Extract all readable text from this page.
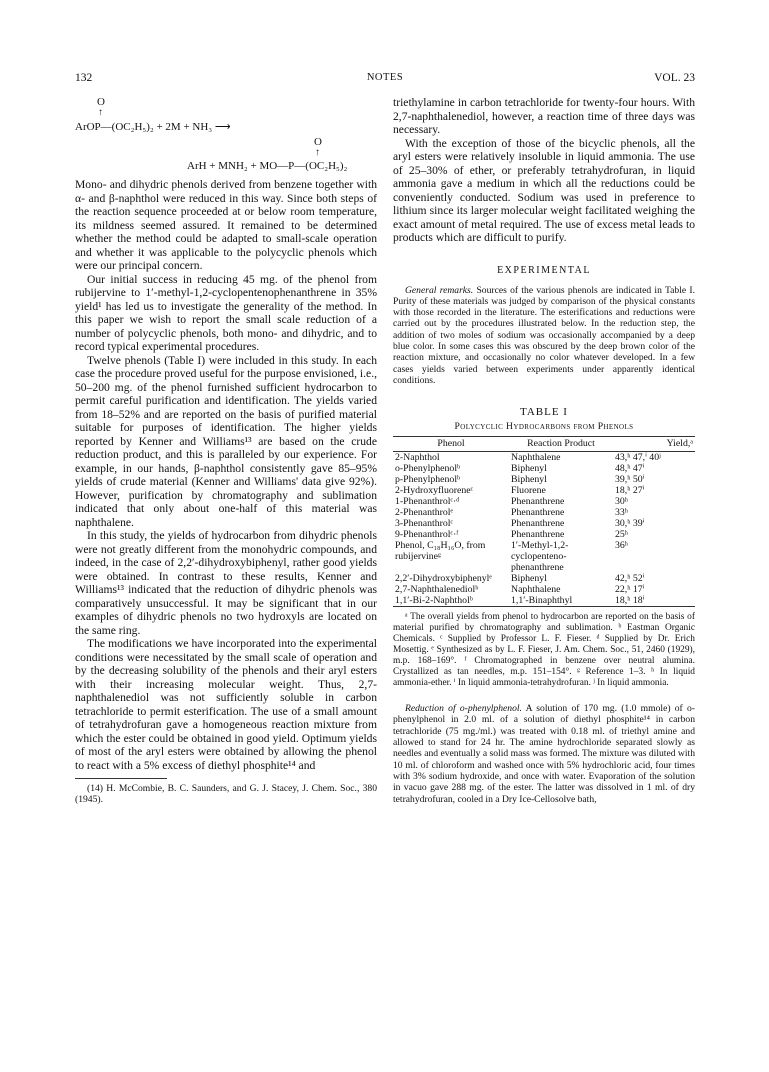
132	NOTES	VOL. 23
O
↑
ArOP—(OC₂H₅)₂ + 2M + NH₃ ⟶
O
↑
ArH + MNH₂ + MO—P—(OC₂H₅)₂

Mono- and dihydric phenols derived from benzene together with α- and β-naphthol were reduced in this way. Since both steps of the reaction sequence proceeded at or below room temperature, its mildness seemed assured. It remained to be determined whether the method could be adapted to small-scale operation and whether it was applicable to the polycyclic phenols which were our principal concern.

Our initial success in reducing 45 mg. of the phenol from rubijervine to 1′-methyl-1,2-cyclopentenophenanthrene in 35% yield¹ has led us to investigate the generality of the method. In this paper we wish to report the small scale reduction of a number of polycyclic phenols, both mono- and dihydric, and to record typical experimental procedures.

Twelve phenols (Table I) were included in this study. In each case the procedure proved useful for the purpose envisioned, i.e., 50–200 mg. of the phenol furnished sufficient hydrocarbon to permit careful purification and identification. The yields varied from 18–52% and are reported on the basis of purified material suitable for purposes of identification. The higher yields reported by Kenner and Williams¹³ are based on the crude reduction product, and this is paralleled by our experience. For example, in our hands, β-naphthol consistently gave 85–95% yields of crude material (Kenner and Williams' data give 92%). However, purification by chromatography and sublimation indicated that only about one-half of this material was naphthalene.

In this study, the yields of hydrocarbon from dihydric phenols were not greatly different from the monohydric compounds, and indeed, in the case of 2,2′-dihydroxybiphenyl, rather good yields were obtained. In contrast to these results, Kenner and Williams¹³ indicated that the reduction of dihydric phenols was comparatively unsuccessful. It may be significant that in our examples of dihydric phenols no two hydroxyls are located on the same ring.

The modifications we have incorporated into the experimental conditions were necessitated by the small scale of operation and by the decreasing solubility of the phenols and their aryl esters with their increasing molecular weight. Thus, 2,7-naphthalenediol was not sufficiently soluble in carbon tetrachloride to permit esterification. The use of a small amount of tetrahydrofuran gave a homogeneous reaction mixture from which the ester could be obtained in good yield. Optimum yields of most of the aryl esters were obtained by allowing the phenol to react with a 5% excess of diethyl phosphite¹⁴ and

(14) H. McCombie, B. C. Saunders, and G. J. Stacey, J. Chem. Soc., 380 (1945).

triethylamine in carbon tetrachloride for twenty-four hours. With 2,7-naphthalenediol, however, a reaction time of three days was necessary.

With the exception of those of the bicyclic phenols, all the aryl esters were relatively insoluble in liquid ammonia. The use of 25–30% of ether, or preferably tetrahydrofuran, in liquid ammonia gave a medium in which all the reductions could be conveniently conducted. Sodium was used in preference to lithium since its larger molecular weight facilitated weighing the exact amount of metal required. The use of excess metal leads to products which are difficult to purify.

EXPERIMENTAL

General remarks. Sources of the various phenols are indicated in Table I. Purity of these materials was judged by comparison of the physical constants with those recorded in the literature. The esterifications and reductions were carried out by the procedures illustrated below. In the reduction step, the addition of two moles of sodium was occasionally accompanied by a deep blue color. In some cases this was obscured by the deep brown color of the reaction mixture, and occasionally no color whatever developed. In a few cases yields varied between experiments under apparently identical conditions.

TABLE I
Polycyclic Hydrocarbons from Phenols
Phenol	Reaction Product	Yield,ᵃ
2-Naphthol	Naphthalene	43,ʰ 47,ⁱ 40ʲ
o-Phenylphenolᵇ	Biphenyl	48,ʰ 47ⁱ
p-Phenylphenolᵇ	Biphenyl	39,ʰ 50ⁱ
2-Hydroxyfluoreneᶜ	Fluorene	18,ʰ 27ⁱ
1-Phenanthrolᶜ·ᵈ	Phenanthrene	30ʰ
2-Phenanthrolᵉ	Phenanthrene	33ʰ
3-Phenanthrolᶜ	Phenanthrene	30,ʰ 39ⁱ
9-Phenanthrolᶜ·ᶠ	Phenanthrene	25ʰ
Phenol, C₁₈H₁₆O, from rubijervineᵍ	1′-Methyl-1,2-cyclopenteno-phenanthrene	36ʰ
2,2′-Dihydroxybiphenylᵉ	Biphenyl	42,ʰ 52ⁱ
2,7-Naphthalenediolᵇ	Naphthalene	22,ʰ 17ⁱ
1,1′-Bi-2-Naphtholᵇ	1,1′-Binaphthyl	18,ʰ 18ⁱ

ᵃ The overall yields from phenol to hydrocarbon are reported on the basis of material purified by chromatography and sublimation. ᵇ Eastman Organic Chemicals. ᶜ Supplied by Professor L. F. Fieser. ᵈ Supplied by Dr. Erich Mosettig. ᵉ Synthesized as by L. F. Fieser, J. Am. Chem. Soc., 51, 2460 (1929), m.p. 168–169°. ᶠ Chromatographed in benzene over neutral alumina. Crystallized as tan needles, m.p. 151–154°. ᵍ Reference 1–3. ʰ In liquid ammonia-ether. ⁱ In liquid ammonia-tetrahydrofuran. ʲ In liquid ammonia.

Reduction of o-phenylphenol. A solution of 170 mg. (1.0 mmole) of o-phenylphenol in 2.0 ml. of a solution of diethyl phosphite¹⁴ in carbon tetrachloride (75 mg./ml.) was treated with 0.18 ml. of triethyl amine and allowed to stand for 24 hr. The amine hydrochloride separated slowly as needles and eventually a solid mass was formed. The mixture was diluted with 10 ml. of chloroform and washed once with 5% hydrochloric acid, four times with 3% sodium hydroxide, and once with water. Evaporation of the solution in vacuo gave 288 mg. of the ester. The latter was dissolved in 1 ml. of dry tetrahydrofuran, cooled in a Dry Ice-Cellosolve bath,
